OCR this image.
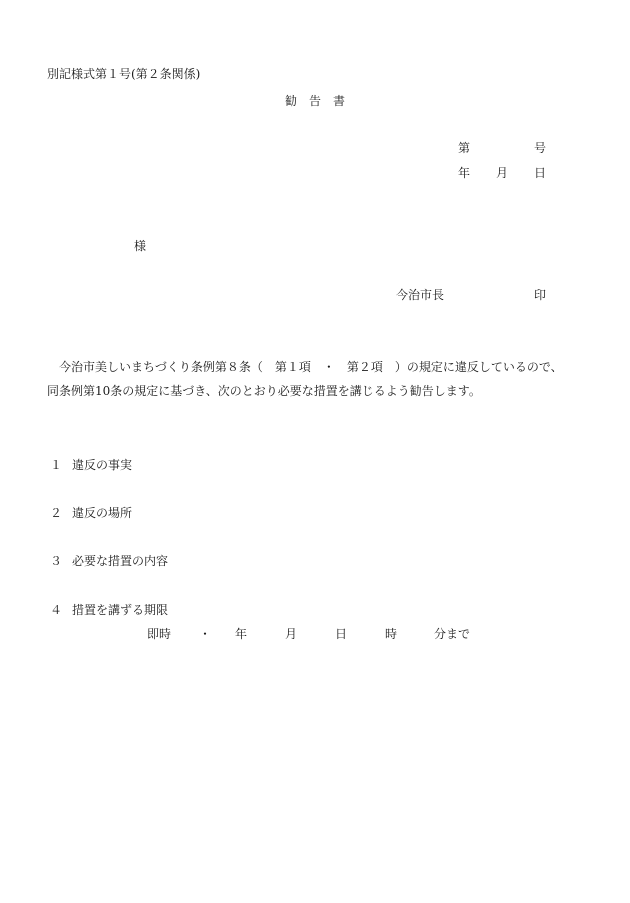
別記様式第１号(第２条関係)
勧　告　書
第	号
年 月 日
様
今治市長	印
今治市美しいまちづくり条例第８条（　第１項　・　第２項　）の規定に違反しているので、
同条例第10条の規定に基づき、次のとおり必要な措置を講じるよう勧告します。
１ 違反の事実
２ 違反の場所
３ 必要な措置の内容
４ 措置を講ずる期限
即時 ・ 年	月	日	時	分まで
